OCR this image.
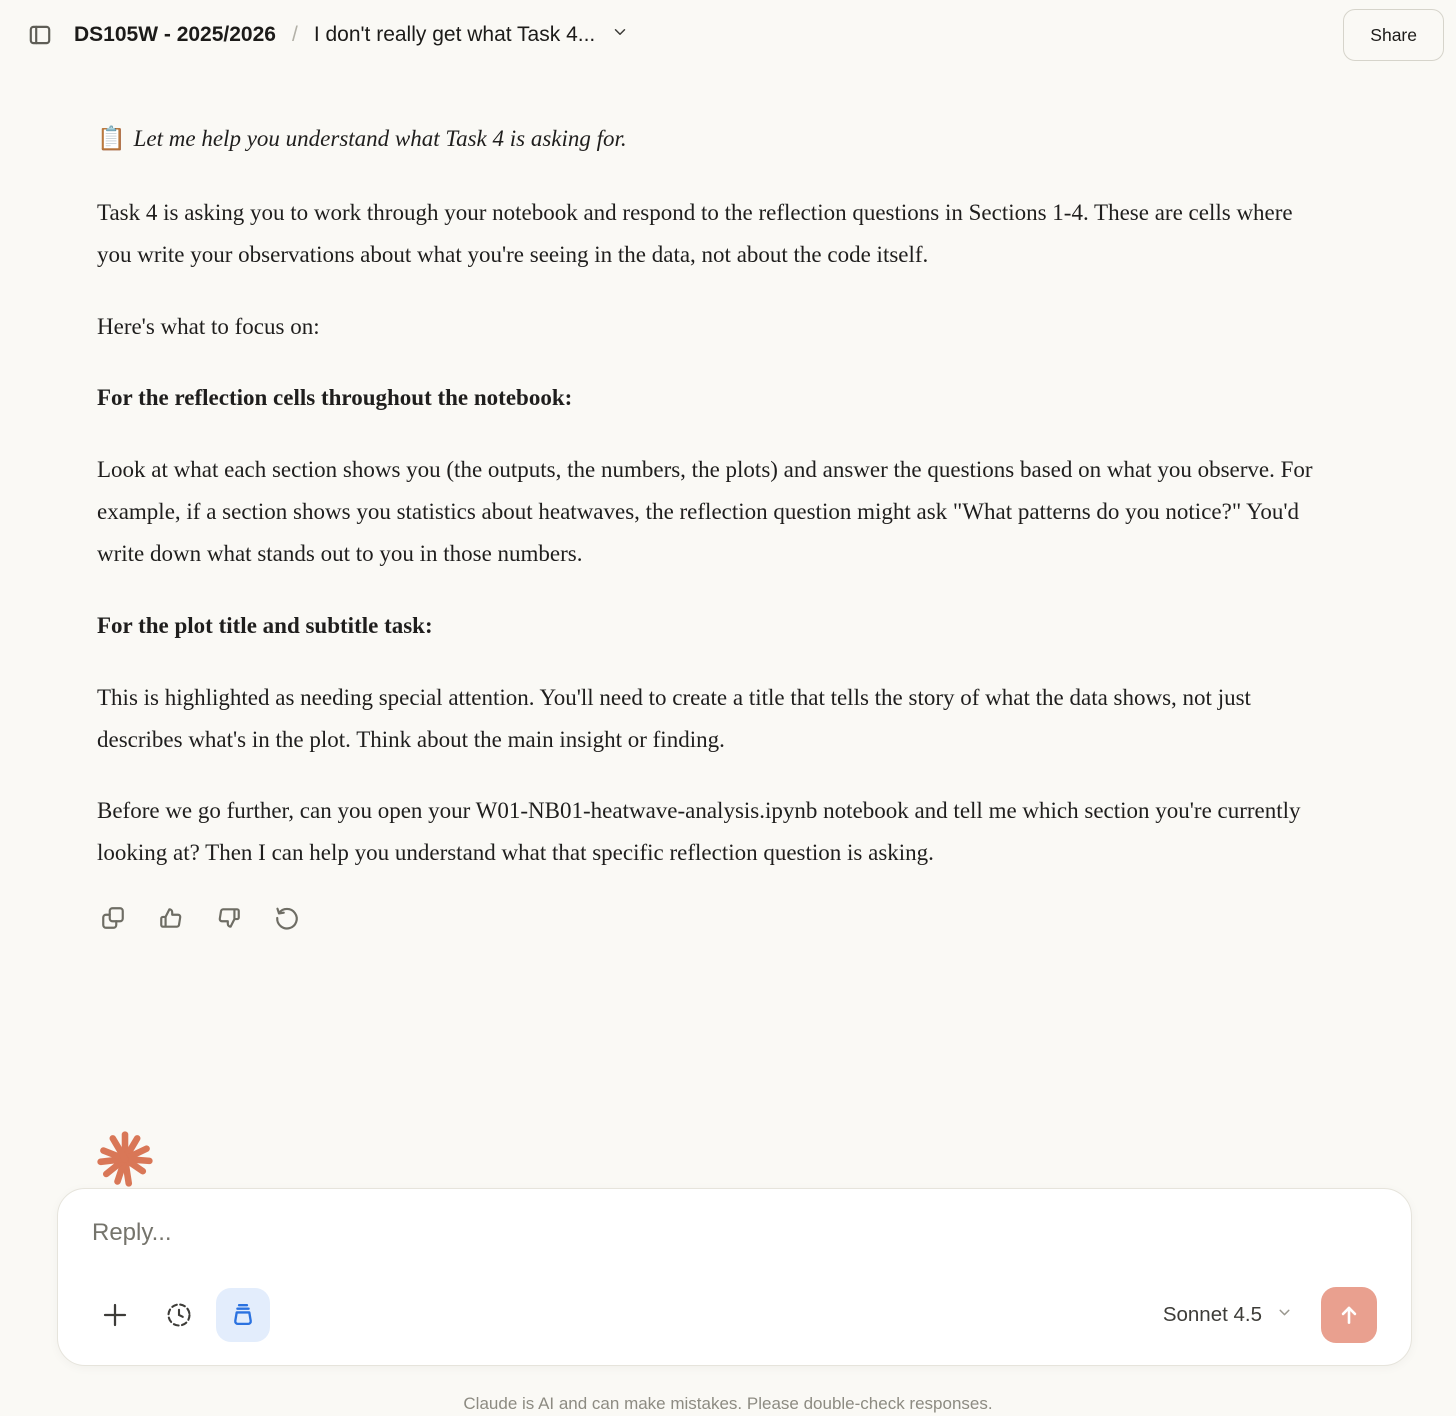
DS105W - 2025/2026 / I don't really get what Task 4...	Share
📋 Let me help you understand what Task 4 is asking for.

Task 4 is asking you to work through your notebook and respond to the reflection questions in Sections 1-4. These are cells where you write your observations about what you're seeing in the data, not about the code itself.

Here's what to focus on:

For the reflection cells throughout the notebook:

Look at what each section shows you (the outputs, the numbers, the plots) and answer the questions based on what you observe. For example, if a section shows you statistics about heatwaves, the reflection question might ask "What patterns do you notice?" You'd write down what stands out to you in those numbers.

For the plot title and subtitle task:

This is highlighted as needing special attention. You'll need to create a title that tells the story of what the data shows, not just describes what's in the plot. Think about the main insight or finding.

Before we go further, can you open your W01-NB01-heatwave-analysis.ipynb notebook and tell me which section you're currently looking at? Then I can help you understand what that specific reflection question is asking.

Reply...
Sonnet 4.5
Claude is AI and can make mistakes. Please double-check responses.
